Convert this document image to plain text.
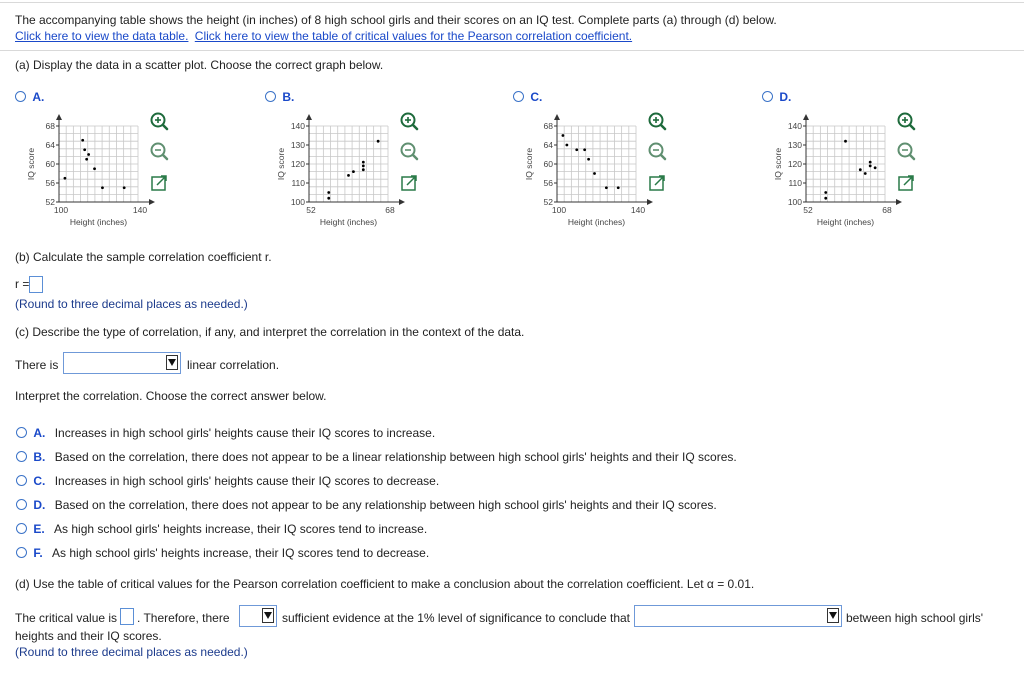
The accompanying table shows the height (in inches) of 8 high school girls and their scores on an IQ test. Complete parts (a) through (d) below.
Click here to view the data table. Click here to view the table of critical values for the Pearson correlation coefficient.
(a) Display the data in a scatter plot. Choose the correct graph below.
A.
68
64
60
56
52
100	140
Height (inches)
IQ score
B.
140
130
120
110
100
52	68
Height (inches)
IQ score
C.
68
64
60
56
52
100	140
Height (inches)
IQ score
D.
140
130
120
110
100
52	68
Height (inches)
IQ score
(b) Calculate the sample correlation coefficient r.
r =
(Round to three decimal places as needed.)
(c) Describe the type of correlation, if any, and interpret the correlation in the context of the data.
There is	linear correlation.
Interpret the correlation. Choose the correct answer below.
A. Increases in high school girls' heights cause their IQ scores to increase.
B. Based on the correlation, there does not appear to be a linear relationship between high school girls' heights and their IQ scores.
C. Increases in high school girls' heights cause their IQ scores to decrease.
D. Based on the correlation, there does not appear to be any relationship between high school girls' heights and their IQ scores.
E. As high school girls' heights increase, their IQ scores tend to increase.
F. As high school girls' heights increase, their IQ scores tend to decrease.
(d) Use the table of critical values for the Pearson correlation coefficient to make a conclusion about the correlation coefficient. Let α = 0.01.
The critical value is . Therefore, there	sufficient evidence at the 1% level of significance to conclude that	between high school girls'
heights and their IQ scores.
(Round to three decimal places as needed.)
